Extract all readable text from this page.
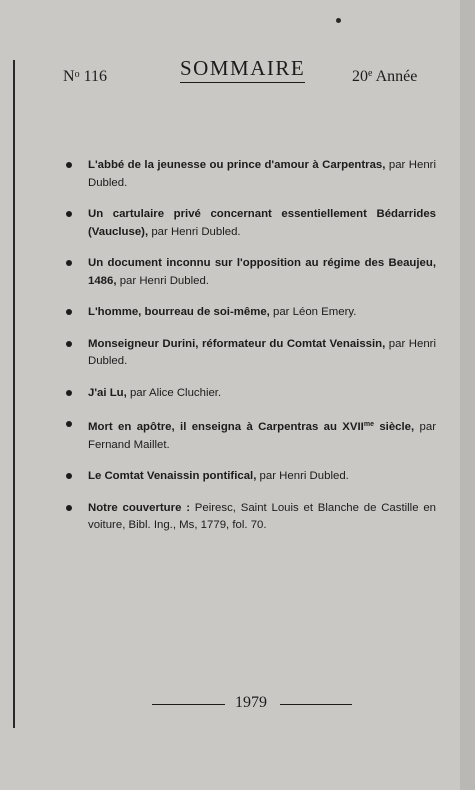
$N^o$ 116	SOMMAIRE	20e Année
L'abbé de la jeunesse ou prince d'amour à Carpentras, par Henri Dubled.
Un cartulaire privé concernant essentiellement Bédarrides (Vaucluse), par Henri Dubled.
Un document inconnu sur l'opposition au régime des Beaujeu, 1486, par Henri Dubled.
L'homme, bourreau de soi-même, par Léon Emery.
Monseigneur Durini, réformateur du Comtat Venaissin, par Henri Dubled.
J'ai Lu, par Alice Cluchier.
Mort en apôtre, il enseigna à Carpentras au $XVII^{me}$ siècle, par Fernand Maillet.
Le Comtat Venaissin pontifical, par Henri Dubled.
Notre couverture : Peiresc, Saint Louis et Blanche de Castille en voiture, Bibl. Ing., Ms, 1779, fol. 70.
1979
